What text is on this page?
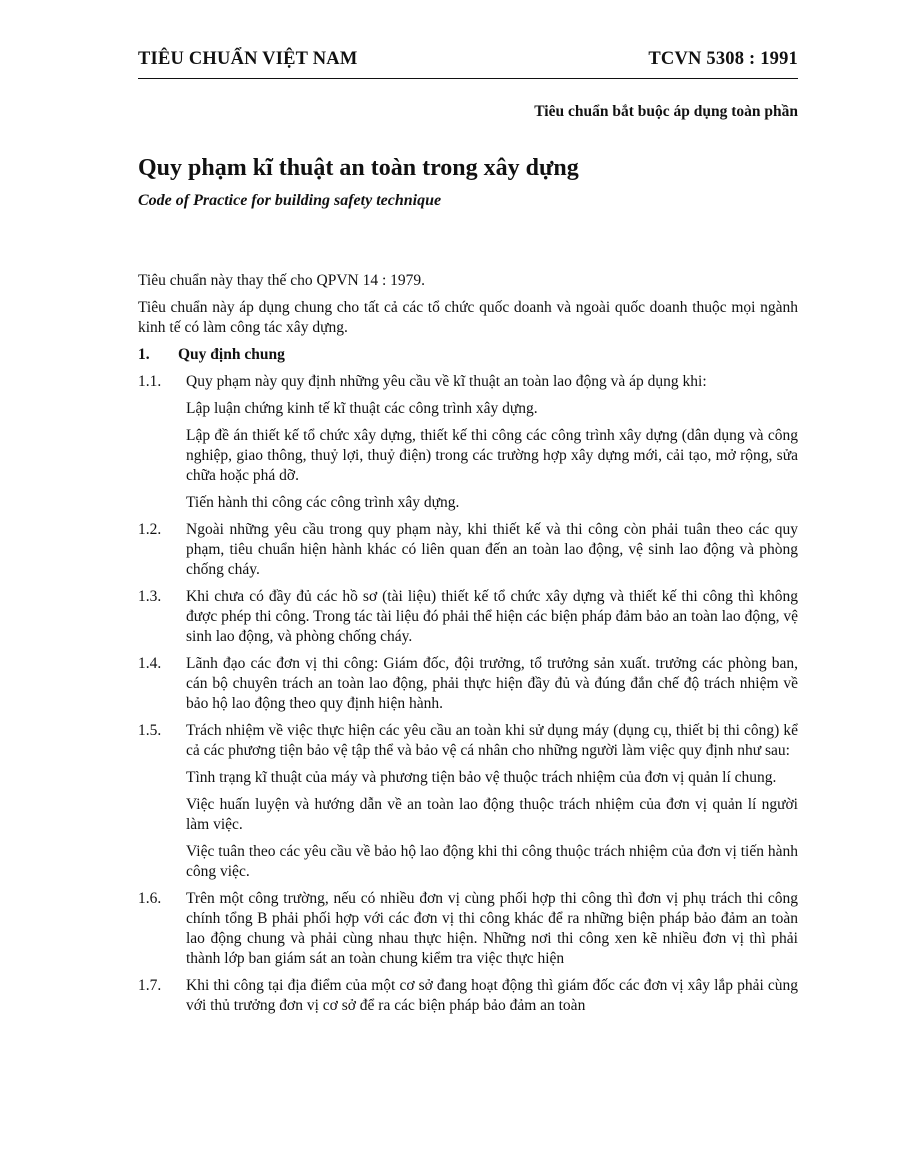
TIÊU CHUẨN VIỆT NAM	TCVN 5308 : 1991
Tiêu chuẩn bắt buộc áp dụng toàn phần
Quy phạm kĩ thuật an toàn trong xây dựng
Code of Practice for building safety technique

Tiêu chuẩn này thay thế cho QPVN 14 : 1979.

Tiêu chuẩn này áp dụng chung cho tất cả các tổ chức quốc doanh và ngoài quốc doanh thuộc mọi ngành kinh tế có làm công tác xây dựng.

1.	Quy định chung
1.1.	Quy phạm này quy định những yêu cầu về kĩ thuật an toàn lao động và áp dụng khi:
Lập luận chứng kinh tế kĩ thuật các công trình xây dựng.
Lập đề án thiết kế tổ chức xây dựng, thiết kế thi công các công trình xây dựng (dân dụng và công nghiệp, giao thông, thuỷ lợi, thuỷ điện) trong các trường hợp xây dựng mới, cải tạo, mở rộng, sửa chữa hoặc phá dỡ.
Tiến hành thi công các công trình xây dựng.
1.2.	Ngoài những yêu cầu trong quy phạm này, khi thiết kế và thi công còn phải tuân theo các quy phạm, tiêu chuẩn hiện hành khác có liên quan đến an toàn lao động, vệ sinh lao động và phòng chống cháy.
1.3.	Khi chưa có đầy đủ các hồ sơ (tài liệu) thiết kế tổ chức xây dựng và thiết kế thi công thì không được phép thi công. Trong tác tài liệu đó phải thể hiện các biện pháp đảm bảo an toàn lao động, vệ sinh lao động, và phòng chống cháy.
1.4.	Lãnh đạo các đơn vị thi công: Giám đốc, đội trưởng, tổ trưởng sản xuất. trưởng các phòng ban, cán bộ chuyên trách an toàn lao động, phải thực hiện đầy đủ và đúng đắn chế độ trách nhiệm về bảo hộ lao động theo quy định hiện hành.
1.5.	Trách nhiệm về việc thực hiện các yêu cầu an toàn khi sử dụng máy (dụng cụ, thiết bị thi công) kể cả các phương tiện bảo vệ tập thể và bảo vệ cá nhân cho những người làm việc quy định như sau:
Tình trạng kĩ thuật của máy và phương tiện bảo vệ thuộc trách nhiệm của đơn vị quản lí chung.
Việc huấn luyện và hướng dẫn về an toàn lao động thuộc trách nhiệm của đơn vị quản lí người làm việc.
Việc tuân theo các yêu cầu về bảo hộ lao động khi thi công thuộc trách nhiệm của đơn vị tiến hành công việc.
1.6.	Trên một công trường, nếu có nhiều đơn vị cùng phối hợp thi công thì đơn vị phụ trách thi công chính tổng B phải phối hợp với các đơn vị thi công khác để ra những biện pháp bảo đảm an toàn lao động chung và phải cùng nhau thực hiện. Những nơi thi công xen kẽ nhiều đơn vị thì phải thành lớp ban giám sát an toàn chung kiểm tra việc thực hiện
1.7.	Khi thi công tại địa điểm của một cơ sở đang hoạt động thì giám đốc các đơn vị xây lắp phải cùng với thủ trưởng đơn vị cơ sở để ra các biện pháp bảo đảm an toàn
